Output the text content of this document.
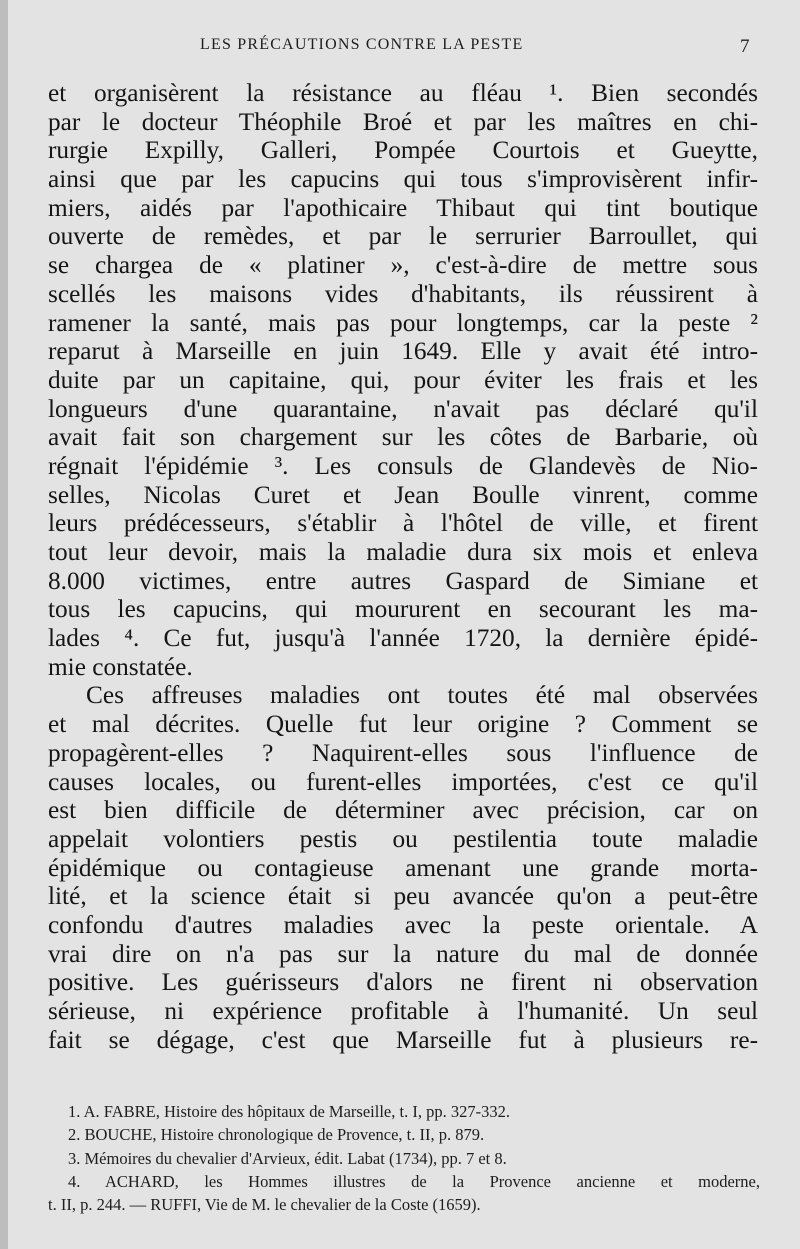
LES PRÉCAUTIONS CONTRE LA PESTE	7
et organisèrent la résistance au fléau ¹. Bien secondés
par le docteur Théophile Broé et par les maîtres en chi-
rurgie Expilly, Galleri, Pompée Courtois et Gueytte,
ainsi que par les capucins qui tous s'improvisèrent infir-
miers, aidés par l'apothicaire Thibaut qui tint boutique
ouverte de remèdes, et par le serrurier Barroullet, qui
se chargea de « platiner », c'est-à-dire de mettre sous
scellés les maisons vides d'habitants, ils réussirent à
ramener la santé, mais pas pour longtemps, car la peste ²
reparut à Marseille en juin 1649. Elle y avait été intro-
duite par un capitaine, qui, pour éviter les frais et les
longueurs d'une quarantaine, n'avait pas déclaré qu'il
avait fait son chargement sur les côtes de Barbarie, où
régnait l'épidémie ³. Les consuls de Glandevès de Nio-
selles, Nicolas Curet et Jean Boulle vinrent, comme
leurs prédécesseurs, s'établir à l'hôtel de ville, et firent
tout leur devoir, mais la maladie dura six mois et enleva
8.000 victimes, entre autres Gaspard de Simiane et
tous les capucins, qui moururent en secourant les ma-
lades ⁴. Ce fut, jusqu'à l'année 1720, la dernière épidé-
mie constatée.
Ces affreuses maladies ont toutes été mal observées
et mal décrites. Quelle fut leur origine ? Comment se
propagèrent-elles ? Naquirent-elles sous l'influence de
causes locales, ou furent-elles importées, c'est ce qu'il
est bien difficile de déterminer avec précision, car on
appelait volontiers pestis ou pestilentia toute maladie
épidémique ou contagieuse amenant une grande morta-
lité, et la science était si peu avancée qu'on a peut-être
confondu d'autres maladies avec la peste orientale. A
vrai dire on n'a pas sur la nature du mal de donnée
positive. Les guérisseurs d'alors ne firent ni observation
sérieuse, ni expérience profitable à l'humanité. Un seul
fait se dégage, c'est que Marseille fut à plusieurs re-
1. A. FABRE, Histoire des hôpitaux de Marseille, t. I, pp. 327-332.
2. BOUCHE, Histoire chronologique de Provence, t. II, p. 879.
3. Mémoires du chevalier d'Arvieux, édit. Labat (1734), pp. 7 et 8.
4. ACHARD, les Hommes illustres de la Provence ancienne et moderne,
t. II, p. 244. — RUFFI, Vie de M. le chevalier de la Coste (1659).
